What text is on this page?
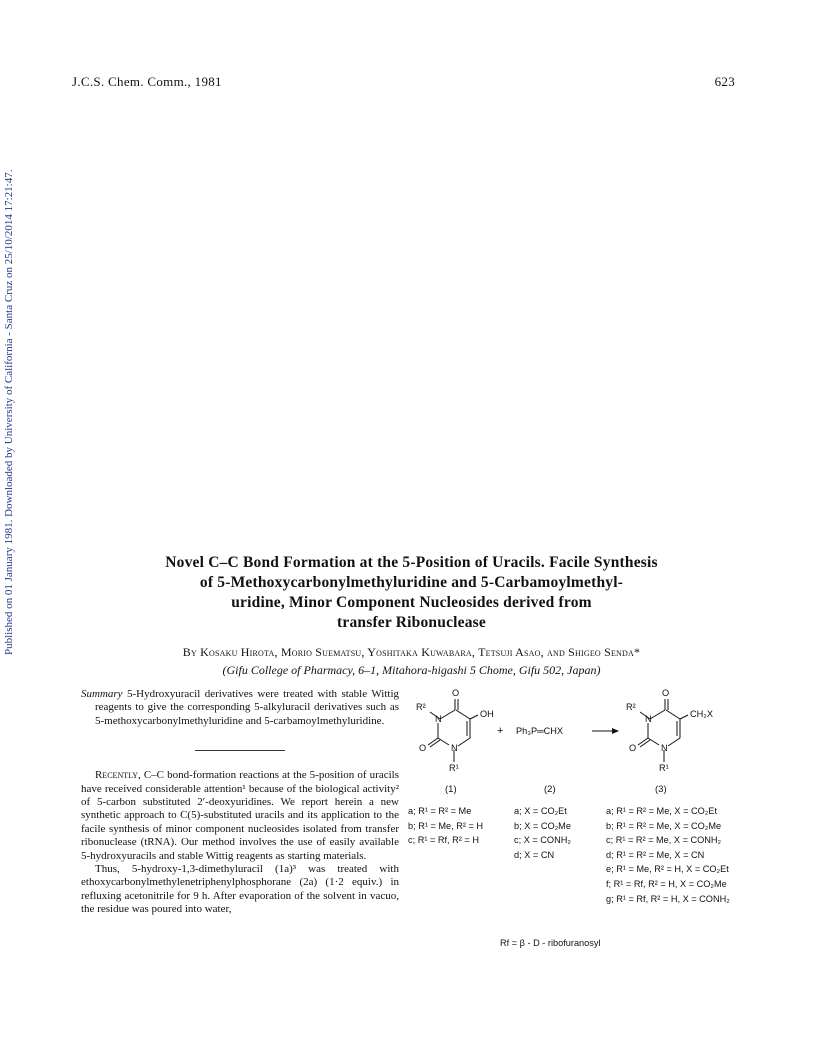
Published on 01 January 1981. Downloaded by University of California - Santa Cruz on 25/10/2014 17:21:47.
J.C.S. Chem. Comm., 1981	623
Novel C–C Bond Formation at the 5-Position of Uracils. Facile Synthesis
of 5-Methoxycarbonylmethyluridine and 5-Carbamoylmethyl-
uridine, Minor Component Nucleosides derived from
transfer Ribonuclease
By Kosaku Hirota, Morio Suematsu, Yoshitaka Kuwabara, Tetsuji Asao, and Shigeo Senda*
(Gifu College of Pharmacy, 6–1, Mitahora-higashi 5 Chome, Gifu 502, Japan)

Summary 5-Hydroxyuracil derivatives were treated with stable Wittig reagents to give the corresponding 5-alkyluracil derivatives such as 5-methoxycarbonylmethyluridine and 5-carbamoylmethyluridine.

Recently, C–C bond-formation reactions at the 5-position of uracils have received considerable attention¹ because of the biological activity² of 5-carbon substituted 2′-deoxyuridines. We report herein a new synthetic approach to C(5)-substituted uracils and its application to the facile synthesis of minor component nucleosides isolated from transfer ribonuclease (tRNA). Our method involves the use of easily available 5-hydroxyuracils and stable Wittig reagents as starting materials.

Thus, 5-hydroxy-1,3-dimethyluracil (1a)³ was treated with ethoxycarbonylmethylenetriphenylphosphorane (2a) (1·2 equiv.) in refluxing acetonitrile for 9 h. After evaporation of the solvent in vacuo, the residue was poured into water,

O
R²
N	OH
O	N
R¹
+ Ph₃P═CHX
O
R²
N	CH₂X
O	N
R¹
(1)	(2)	(3)
a; R¹ = R² = Me
b; R¹ = Me, R² = H
c; R¹ = Rf, R² = H
a; X = CO₂Et
b; X = CO₂Me
c; X = CONH₂
d; X = CN
a; R¹ = R² = Me, X = CO₂Et
b; R¹ = R² = Me, X = CO₂Me
c; R¹ = R² = Me, X = CONH₂
d; R¹ = R² = Me, X = CN
e; R¹ = Me, R² = H, X = CO₂Et
f; R¹ = Rf, R² = H, X = CO₂Me
g; R¹ = Rf, R² = H, X = CONH₂
Rf = β - D - ribofuranosyl
